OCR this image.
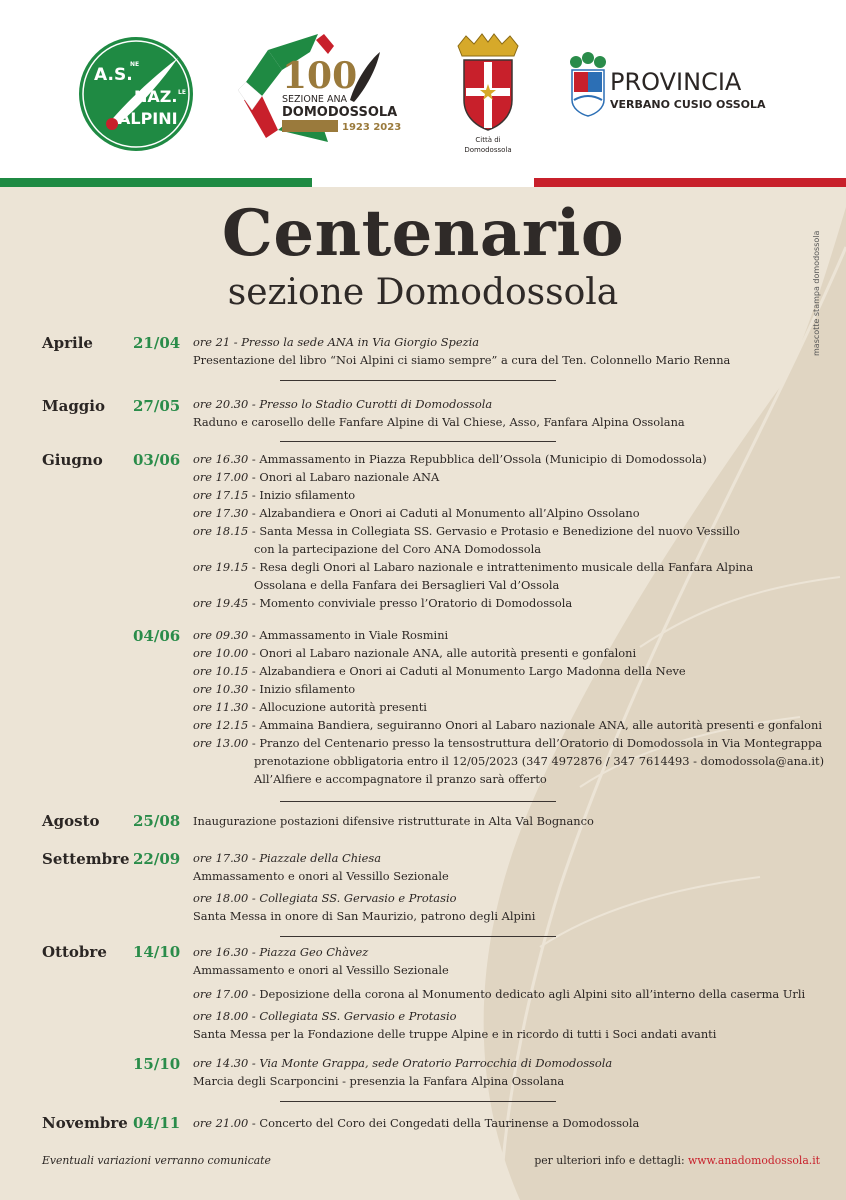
A. S.
NE
NAZ. LE
ALPINI
100
SEZIONE ANA
DOMODOSSOLA
1923 2023
Città di
Domodossola
PROVINCIA
VERBANO CUSIO OSSOLA
Centenario
sezione Domodossola	mascotte stampa domodossola
Aprile	21/04 ore 21 - Presso la sede ANA in Via Giorgio Spezia
Presentazione del libro “Noi Alpini ci siamo sempre” a cura del Ten. Colonnello Mario Renna
Maggio 27/05 ore 20.30 - Presso lo Stadio Curotti di Domodossola
Raduno e carosello delle Fanfare Alpine di Val Chiese, Asso, Fanfara Alpina Ossolana
Giugno 03/06 ore 16.30 - Ammassamento in Piazza Repubblica dell’Ossola (Municipio di Domodossola)
ore 17.00 - Onori al Labaro nazionale ANA
ore 17.15 - Inizio sfilamento
ore 17.30 - Alzabandiera e Onori ai Caduti al Monumento all’Alpino Ossolano
ore 18.15 - Santa Messa in Collegiata SS. Gervasio e Protasio e Benedizione del nuovo Vessillo
con la partecipazione del Coro ANA Domodossola
ore 19.15 - Resa degli Onori al Labaro nazionale e intrattenimento musicale della Fanfara Alpina
Ossolana e della Fanfara dei Bersaglieri Val d’Ossola
ore 19.45 - Momento conviviale presso l’Oratorio di Domodossola
04/06 ore 09.30 - Ammassamento in Viale Rosmini
ore 10.00 - Onori al Labaro nazionale ANA, alle autorità presenti e gonfaloni
ore 10.15 - Alzabandiera e Onori ai Caduti al Monumento Largo Madonna della Neve
ore 10.30 - Inizio sfilamento
ore 11.30 - Allocuzione autorità presenti
ore 12.15 - Ammaina Bandiera, seguiranno Onori al Labaro nazionale ANA, alle autorità presenti e gonfaloni
ore 13.00 - Pranzo del Centenario presso la tensostruttura dell’Oratorio di Domodossola in Via Montegrappa
prenotazione obbligatoria entro il 12/05/2023 (347 4972876 / 347 7614493 - domodossola@ana.it)
All’Alfiere e accompagnatore il pranzo sarà offerto
Agosto 25/08 Inaugurazione postazioni difensive ristrutturate in Alta Val Bognanco
Settembre 22/09 ore 17.30 - Piazzale della Chiesa
Ammassamento e onori al Vessillo Sezionale
ore 18.00 - Collegiata SS. Gervasio e Protasio
Santa Messa in onore di San Maurizio, patrono degli Alpini
Ottobre 14/10 ore 16.30 - Piazza Geo Chàvez
Ammassamento e onori al Vessillo Sezionale
ore 17.00 - Deposizione della corona al Monumento dedicato agli Alpini sito all’interno della caserma Urli
ore 18.00 - Collegiata SS. Gervasio e Protasio
Santa Messa per la Fondazione delle truppe Alpine e in ricordo di tutti i Soci andati avanti
15/10 ore 14.30 - Via Monte Grappa, sede Oratorio Parrocchia di Domodossola
Marcia degli Scarponcini - presenzia la Fanfara Alpina Ossolana
Novembre 04/11 ore 21.00 - Concerto del Coro dei Congedati della Taurinense a Domodossola
Eventuali variazioni verranno comunicate	per ulteriori info e dettagli: www.anadomodossola.it
